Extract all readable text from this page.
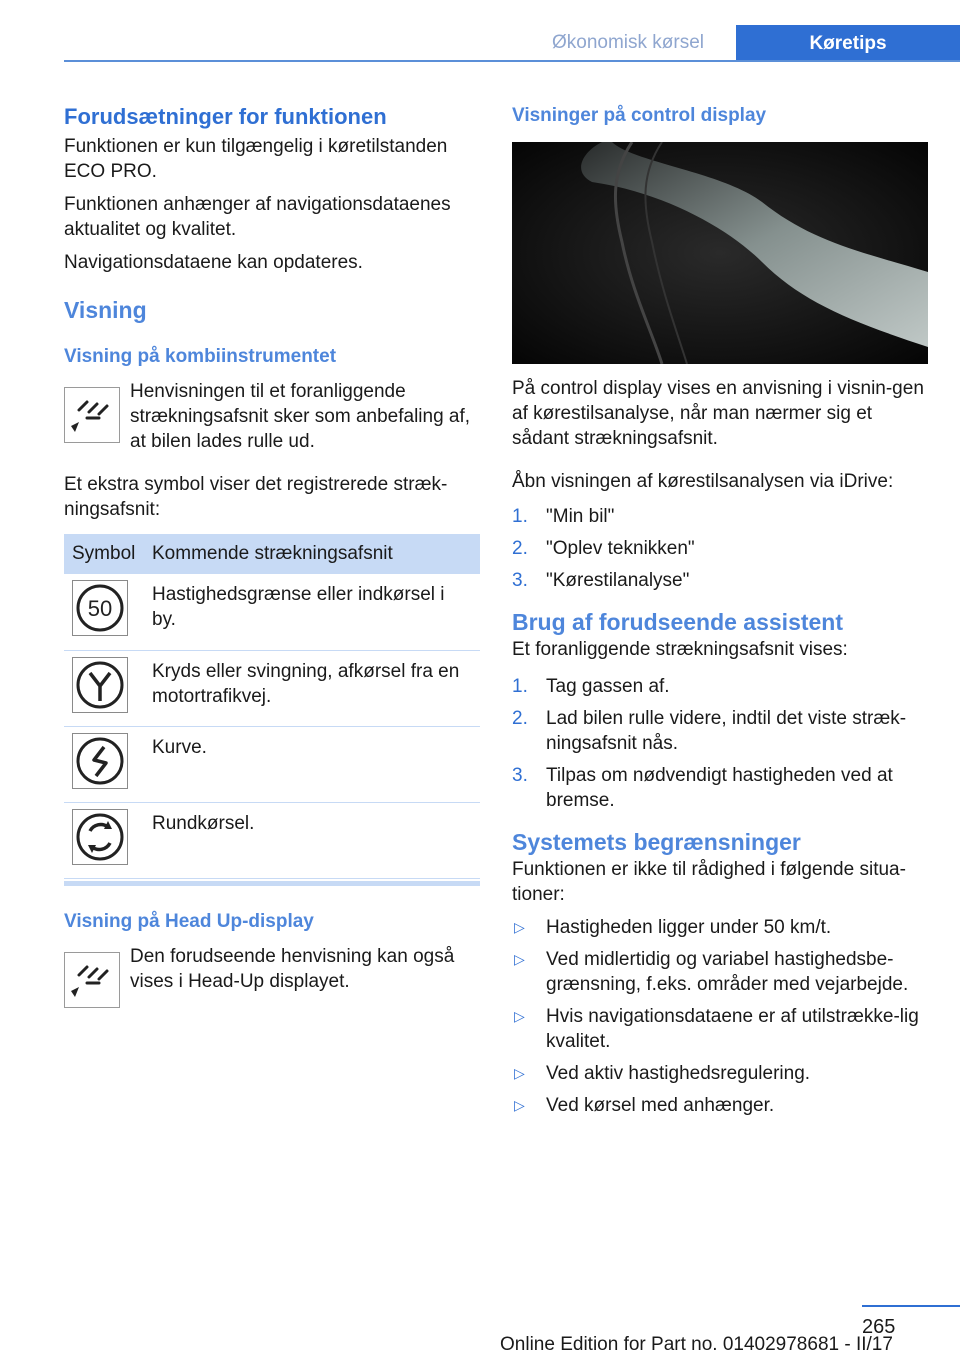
Økonomisk kørsel	Køretips
Forudsætninger for funktionen

Funktionen er kun tilgængelig i køretilstanden ECO PRO.

Funktionen anhænger af navigationsdataenes aktualitet og kvalitet.

Navigationsdataene kan opdateres.

Visning
Visning på kombiinstrumentet

Henvisningen til et foranliggende strækningsafsnit sker som anbefaling af, at bilen lades rulle ud.

Et ekstra symbol viser det registrerede stræk-ningsafsnit:

Symbol	Kommende strækningsafsnit

50	Hastighedsgrænse eller indkørsel i by.

	Kryds eller svingning, afkørsel fra en motortrafikvej.

	Kurve.

	Rundkørsel.
Visning på Head Up-display

Den forudseende henvisning kan også vises i Head-Up displayet.

Visninger på control display

På control display vises en anvisning i visnin-gen af kørestilsanalyse, når man nærmer sig et sådant strækningsafsnit.

Åbn visningen af kørestilsanalysen via iDrive:

1. "Min bil"
2. "Oplev teknikken"
3. "Kørestilanalyse"
Brug af forudseende assistent

Et foranliggende strækningsafsnit vises:

1. Tag gassen af.
2. Lad bilen rulle videre, indtil det viste stræk-ningsafsnit nås.
3. Tilpas om nødvendigt hastigheden ved at bremse.
Systemets begrænsninger

Funktionen er ikke til rådighed i følgende situa-tioner:

▷	Hastigheden ligger under 50 km/t.
▷	Ved midlertidig og variabel hastighedsbe-grænsning, f.eks. områder med vejarbejde.
▷	Hvis navigationsdataene er af utilstrække-lig kvalitet.
▷	Ved aktiv hastighedsregulering.
▷	Ved kørsel med anhænger.
265
Online Edition for Part no. 01402978681 - II/17
